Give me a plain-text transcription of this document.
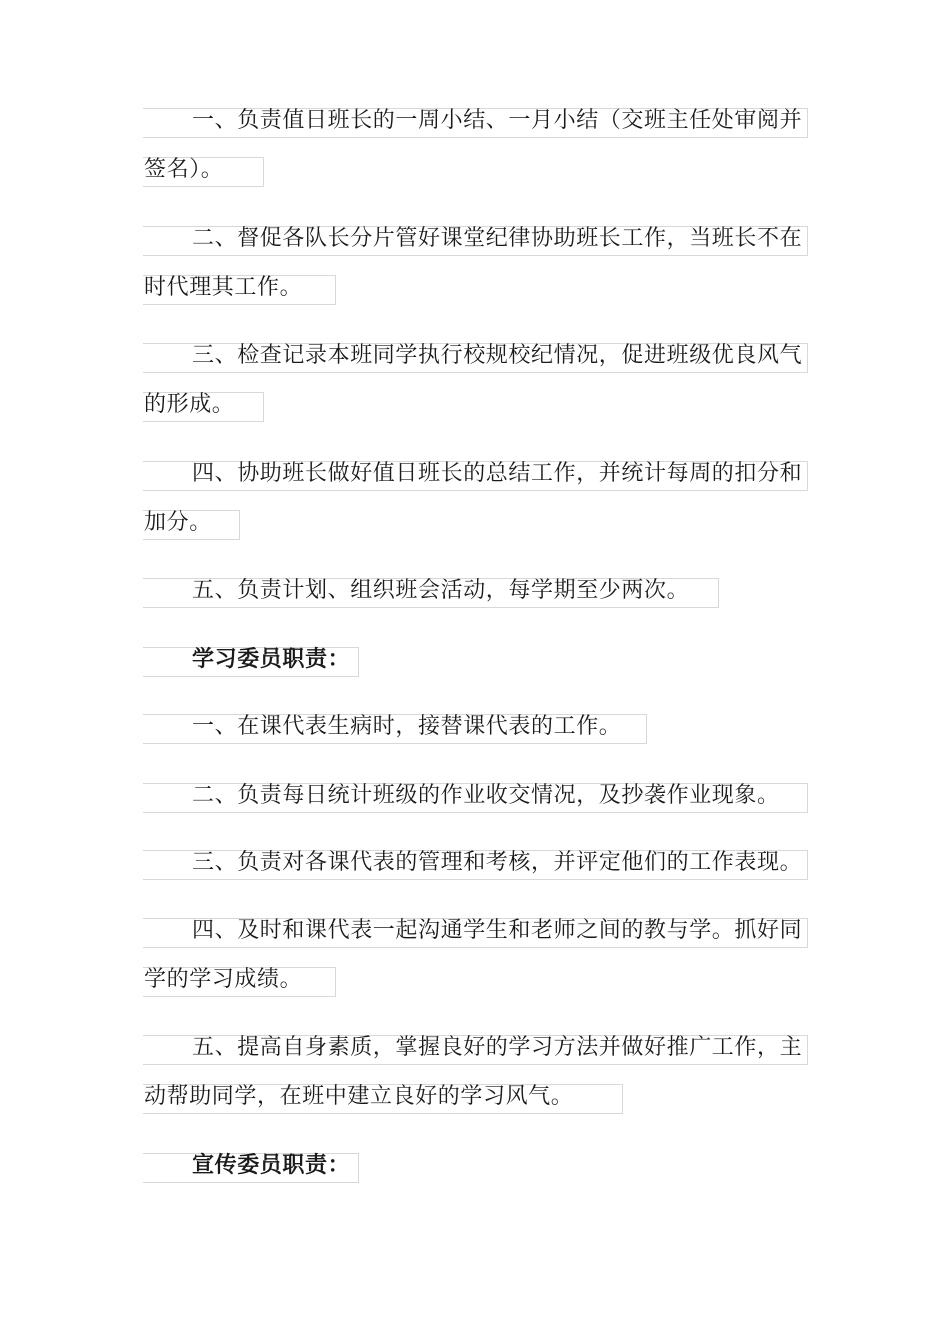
一、负责值日班长的一周小结、一月小结（交班主任处审阅并签名）。

二、督促各队长分片管好课堂纪律协助班长工作，当班长不在时代理其工作。

三、检查记录本班同学执行校规校纪情况，促进班级优良风气的形成。

四、协助班长做好值日班长的总结工作，并统计每周的扣分和加分。

五、负责计划、组织班会活动，每学期至少两次。

学习委员职责：

一、在课代表生病时，接替课代表的工作。

二、负责每日统计班级的作业收交情况，及抄袭作业现象。

三、负责对各课代表的管理和考核，并评定他们的工作表现。

四、及时和课代表一起沟通学生和老师之间的教与学。抓好同学的学习成绩。

五、提高自身素质，掌握良好的学习方法并做好推广工作，主动帮助同学，在班中建立良好的学习风气。

宣传委员职责：
